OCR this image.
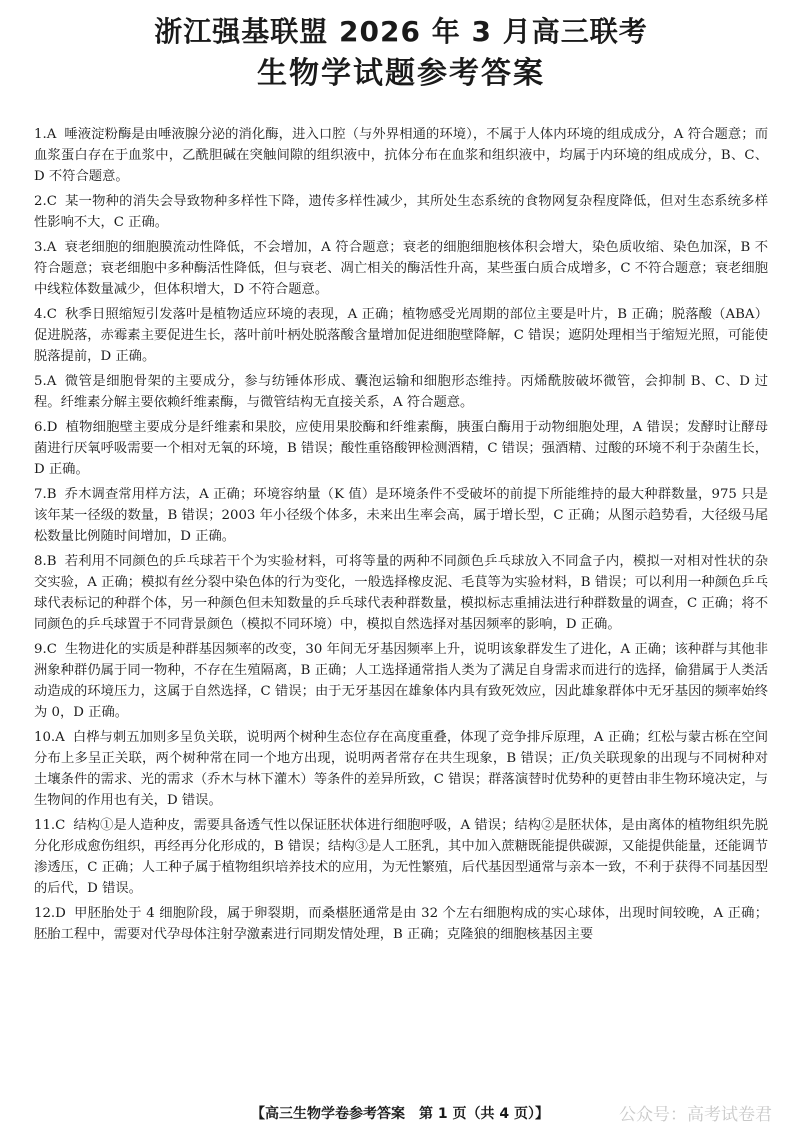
浙江强基联盟 2026 年 3 月高三联考
生物学试题参考答案

1.A 唾液淀粉酶是由唾液腺分泌的消化酶，进入口腔（与外界相通的环境），不属于人体内环境的组成成分，A 符合题意；而血浆蛋白存在于血浆中，乙酰胆碱在突触间隙的组织液中，抗体分布在血浆和组织液中，均属于内环境的组成成分，B、C、D 不符合题意。

2.C 某一物种的消失会导致物种多样性下降，遗传多样性减少，其所处生态系统的食物网复杂程度降低，但对生态系统多样性影响不大，C 正确。

3.A 衰老细胞的细胞膜流动性降低，不会增加，A 符合题意；衰老的细胞细胞核体积会增大，染色质收缩、染色加深，B 不符合题意；衰老细胞中多种酶活性降低，但与衰老、凋亡相关的酶活性升高，某些蛋白质合成增多，C 不符合题意；衰老细胞中线粒体数量减少，但体积增大，D 不符合题意。

4.C 秋季日照缩短引发落叶是植物适应环境的表现，A 正确；植物感受光周期的部位主要是叶片，B 正确；脱落酸（ABA）促进脱落，赤霉素主要促进生长，落叶前叶柄处脱落酸含量增加促进细胞壁降解，C 错误；遮阴处理相当于缩短光照，可能使脱落提前，D 正确。

5.A 微管是细胞骨架的主要成分，参与纺锤体形成、囊泡运输和细胞形态维持。丙烯酰胺破坏微管，会抑制 B、C、D 过程。纤维素分解主要依赖纤维素酶，与微管结构无直接关系，A 符合题意。

6.D 植物细胞壁主要成分是纤维素和果胶，应使用果胶酶和纤维素酶，胰蛋白酶用于动物细胞处理，A 错误；发酵时让酵母菌进行厌氧呼吸需要一个相对无氧的环境，B 错误；酸性重铬酸钾检测酒精，C 错误；强酒精、过酸的环境不利于杂菌生长，D 正确。

7.B 乔木调查常用样方法，A 正确；环境容纳量（K 值）是环境条件不受破坏的前提下所能维持的最大种群数量，975 只是该年某一径级的数量，B 错误；2003 年小径级个体多，未来出生率会高，属于增长型，C 正确；从图示趋势看，大径级马尾松数量比例随时间增加，D 正确。

8.B 若利用不同颜色的乒乓球若干个为实验材料，可将等量的两种不同颜色乒乓球放入不同盒子内，模拟一对相对性状的杂交实验，A 正确；模拟有丝分裂中染色体的行为变化，一般选择橡皮泥、毛茛等为实验材料，B 错误；可以利用一种颜色乒乓球代表标记的种群个体，另一种颜色但未知数量的乒乓球代表种群数量，模拟标志重捕法进行种群数量的调查，C 正确；将不同颜色的乒乓球置于不同背景颜色（模拟不同环境）中，模拟自然选择对基因频率的影响，D 正确。

9.C 生物进化的实质是种群基因频率的改变，30 年间无牙基因频率上升，说明该象群发生了进化，A 正确；该种群与其他非洲象种群仍属于同一物种，不存在生殖隔离，B 正确；人工选择通常指人类为了满足自身需求而进行的选择，偷猎属于人类活动造成的环境压力，这属于自然选择，C 错误；由于无牙基因在雄象体内具有致死效应，因此雄象群体中无牙基因的频率始终为 0，D 正确。

10.A 白桦与刺五加则多呈负关联，说明两个树种生态位存在高度重叠，体现了竞争排斥原理，A 正确；红松与蒙古栎在空间分布上多呈正关联，两个树种常在同一个地方出现，说明两者常存在共生现象，B 错误；正/负关联现象的出现与不同树种对土壤条件的需求、光的需求（乔木与林下灌木）等条件的差异所致，C 错误；群落演替时优势种的更替由非生物环境决定，与生物间的作用也有关，D 错误。

11.C 结构①是人造种皮，需要具备透气性以保证胚状体进行细胞呼吸，A 错误；结构②是胚状体，是由离体的植物组织先脱分化形成愈伤组织，再经再分化形成的，B 错误；结构③是人工胚乳，其中加入蔗糖既能提供碳源，又能提供能量，还能调节渗透压，C 正确；人工种子属于植物组织培养技术的应用，为无性繁殖，后代基因型通常与亲本一致，不利于获得不同基因型的后代，D 错误。

12.D 甲胚胎处于 4 细胞阶段，属于卵裂期，而桑椹胚通常是由 32 个左右细胞构成的实心球体，出现时间较晚，A 正确；胚胎工程中，需要对代孕母体注射孕激素进行同期发情处理，B 正确；克隆狼的细胞核基因主要

【高三生物学卷参考答案　第 1 页（共 4 页）】	公众号：高考试卷君
